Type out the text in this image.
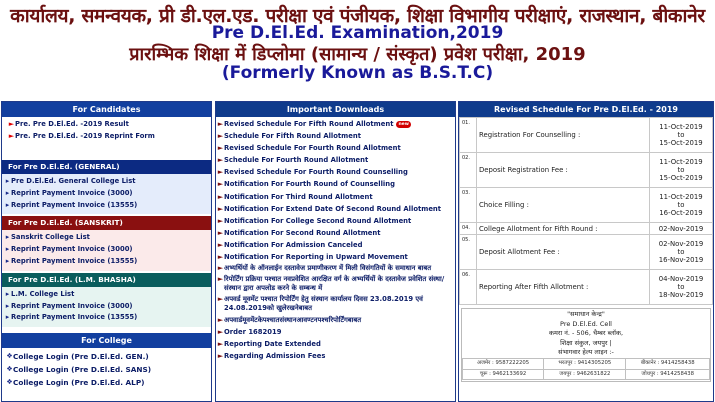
कार्यालय, समन्वयक, प्री डी.एल.एड. परीक्षा एवं पंजीयक, शिक्षा विभागीय परीक्षाएं, राजस्थान, बीकानेर
Pre D.El.Ed. Examination,2019
प्रारम्भिक शिक्षा में डिप्लोमा (सामान्य / संस्कृत) प्रवेश परीक्षा, 2019
(Formerly Known as B.S.T.C)
For Candidates
► Pre. Pre D.El.Ed. -2019 Result
► Pre. Pre D.El.Ed. -2019 Reprint Form
For Pre D.El.Ed. (GENERAL)
▸ Pre D.El.Ed. General College List
▸ Reprint Payment Invoice (3000)
▸ Reprint Payment Invoice (13555)
For Pre D.El.Ed. (SANSKRIT)
▸ Sanskrit College List
▸ Reprint Payment Invoice (3000)
▸ Reprint Payment Invoice (13555)
For Pre D.El.Ed. (L.M. BHASHA)
▸ L.M. College List
▸ Reprint Payment Invoice (3000)
▸ Reprint Payment Invoice (13555)
For College
❖ College Login (Pre D.El.Ed. GEN.)
❖ College Login (Pre D.El.Ed. SANS)
❖ College Login (Pre D.El.Ed. ALP)
Important Downloads
► Revised Schedule For Fifth Round Allotment	new
► Schedule For Fifth Round Allotment
► Revised Schedule For Fourth Round Allotment
► Schedule For Fourth Round Allotment
► Revised Schedule For Fourth Round Counselling
► Notification For Fourth Round of Counselling
► Notification For Third Round Allotment
► Notification For Extend Date Of Second Round Allotment
► Notification For College Second Round Allotment
► Notification For Second Round Allotment
► Notification For Admission Canceled
► Notification For Reporting in Upward Movement
► अभ्यर्थियों के ऑनलाईन दस्तावेज प्रमाणीकरण में मिली विसंगतियों के समाधान बाबत
► रिपोर्टिंग प्रक्रिया पश्चात नवप्रवेशित आरक्षित वर्ग के अभ्यर्थियों के दस्तावेज प्रवेशित संस्था/संस्थान द्वारा अपलोड करने के सम्बन्ध में
► अपवर्ड मूवमेंट पश्चात रिपोर्टिंग हेतु संस्थान कार्यालय दिवस 23.08.2019 एवं 24.08.2019को खुलेरखनेबाबत
► अपवार्डमूवमेंटकेपश्चातसंस्थानआवण्टनपश्चरिपोर्टिंगबाबत
► Order 1682019
► Reporting Date Extended
► Regarding Admission Fees
Revised Schedule For Pre D.El.Ed. - 2019
01.	Registration For Counselling :	11-Oct-2019
to
15-Oct-2019

02.	Deposit Registration Fee :	11-Oct-2019
to
15-Oct-2019

03.	Choice Filling :	11-Oct-2019
to
16-Oct-2019

04.	College Allotment for Fifth Round :	02-Nov-2019

05.	Deposit Allotment Fee :	02-Nov-2019
to
16-Nov-2019

06.	Reporting After Fifth Allotment :	04-Nov-2019
to
18-Nov-2019
"समाधान केन्द्र"
Pre D.El.Ed. Cell
कमरा नं. - 506, चैम्बर ब्लॉक,
शिक्षा संकुल, जयपुर |
संभागवार हेल्प लाइन :-
अजमेर : 9587222205	भरतपुर : 9414305205	बीकानेर : 9414258438
चूरू : 9462133692	जयपुर : 9462631822	जोधपुर : 9414258438
